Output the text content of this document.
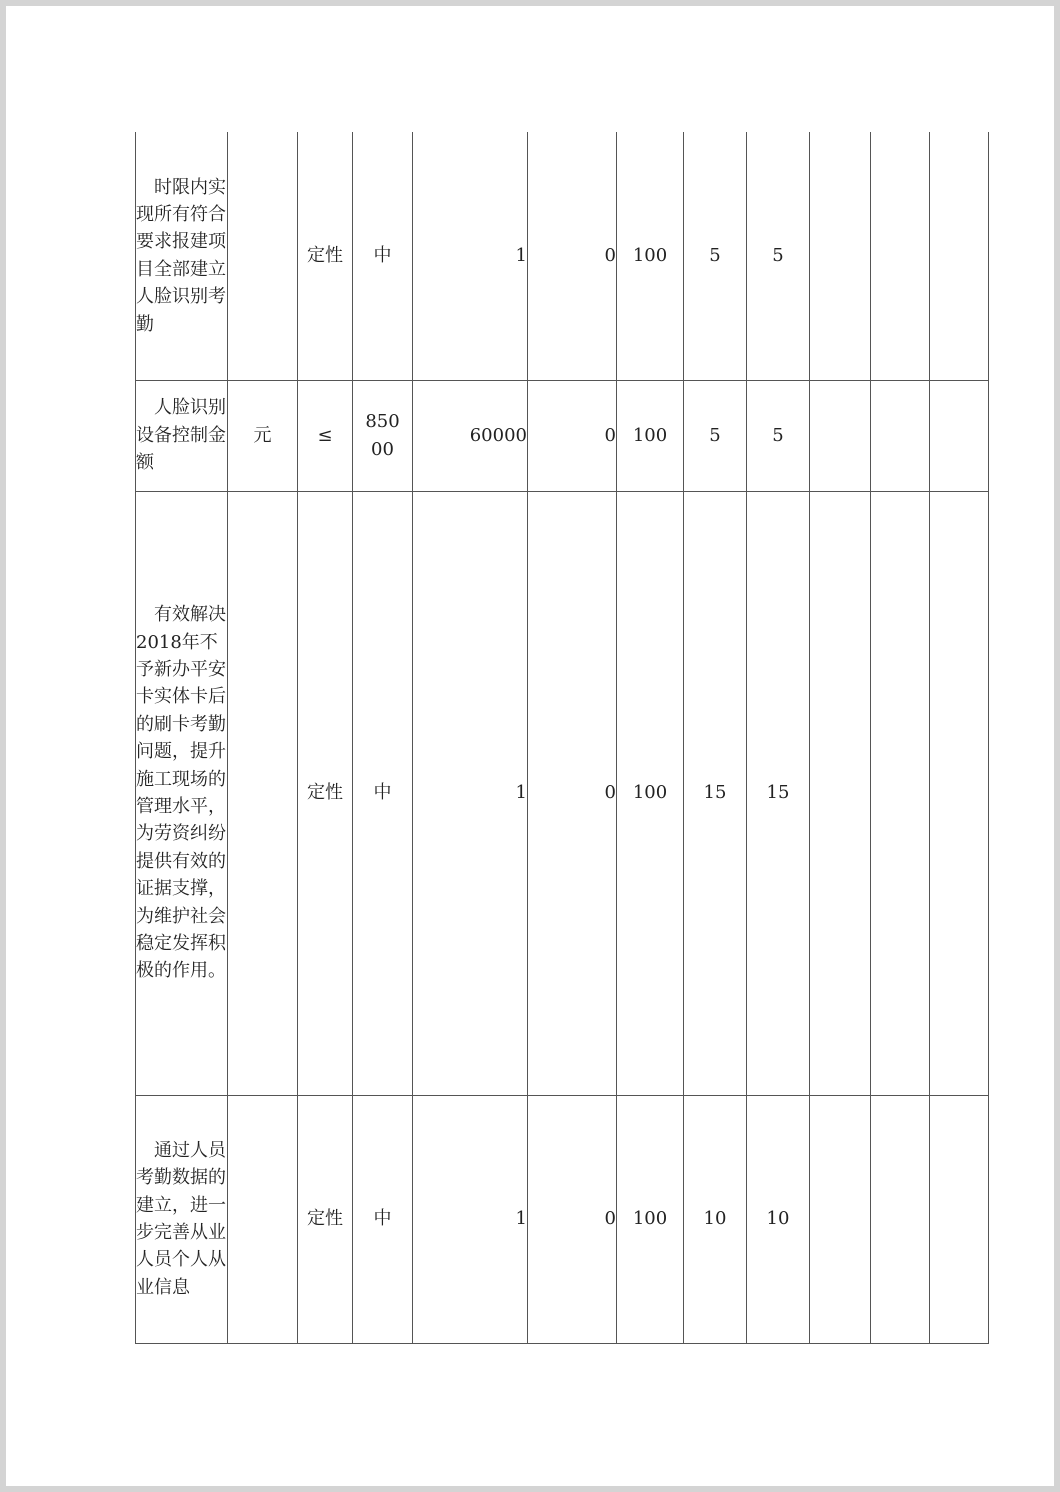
时限内实现所有符合要求报建项目全部建立人脸识别考勤		定性	中	1	0	100	5	5			

人脸识别设备控制金额	元	≤	85000	60000	0	100	5	5			

有效解决2018年不予新办平安卡实体卡后的刷卡考勤问题，提升施工现场的管理水平，为劳资纠纷提供有效的证据支撑，为维护社会稳定发挥积极的作用。		定性	中	1	0	100	15	15			

通过人员考勤数据的建立，进一步完善从业人员个人从业信息		定性	中	1	0	100	10	10			
